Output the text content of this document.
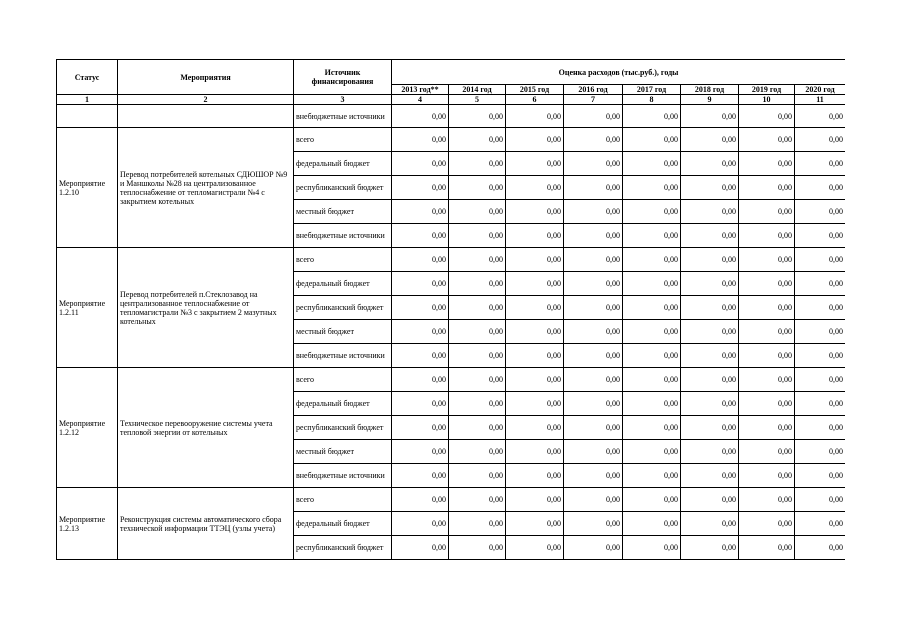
Статус	Мероприятия	Источник финансирования	Оценка расходов (тыс.руб.), годы							
			2013 год**	2014 год	2015 год	2016 год	2017 год	2018 год	2019 год	2020 год
1	2	3	4	5	6	7	8	9	10	11
		внебюджетные источники	0,00	0,00	0,00	0,00	0,00	0,00	0,00	0,00
Мероприятие 1.2.10	Перевод потребителей котельных СДЮШОР №9 и Маншколы №28 на централизованное теплоснабжение от тепломагистрали №4 с закрытием котельных	всего	0,00	0,00	0,00	0,00	0,00	0,00	0,00	0,00
		федеральный бюджет	0,00	0,00	0,00	0,00	0,00	0,00	0,00	0,00
		республиканский бюджет	0,00	0,00	0,00	0,00	0,00	0,00	0,00	0,00
		местный бюджет	0,00	0,00	0,00	0,00	0,00	0,00	0,00	0,00
		внебюджетные источники	0,00	0,00	0,00	0,00	0,00	0,00	0,00	0,00
Мероприятие 1.2.11	Перевод потребителей п.Стеклозавод на централизованное теплоснабжение от тепломагистрали №3 с закрытием 2 мазутных котельных	всего	0,00	0,00	0,00	0,00	0,00	0,00	0,00	0,00
		федеральный бюджет	0,00	0,00	0,00	0,00	0,00	0,00	0,00	0,00
		республиканский бюджет	0,00	0,00	0,00	0,00	0,00	0,00	0,00	0,00
		местный бюджет	0,00	0,00	0,00	0,00	0,00	0,00	0,00	0,00
		внебюджетные источники	0,00	0,00	0,00	0,00	0,00	0,00	0,00	0,00
Мероприятие 1.2.12	Техническое перевооружение системы учета тепловой энергии от котельных	всего	0,00	0,00	0,00	0,00	0,00	0,00	0,00	0,00
		федеральный бюджет	0,00	0,00	0,00	0,00	0,00	0,00	0,00	0,00
		республиканский бюджет	0,00	0,00	0,00	0,00	0,00	0,00	0,00	0,00
		местный бюджет	0,00	0,00	0,00	0,00	0,00	0,00	0,00	0,00
		внебюджетные источники	0,00	0,00	0,00	0,00	0,00	0,00	0,00	0,00
Мероприятие 1.2.13	Реконструкция системы автоматического сбора технической информации ТТЭЦ (узлы учета)	всего	0,00	0,00	0,00	0,00	0,00	0,00	0,00	0,00
		федеральный бюджет	0,00	0,00	0,00	0,00	0,00	0,00	0,00	0,00
		республиканский бюджет	0,00	0,00	0,00	0,00	0,00	0,00	0,00	0,00
